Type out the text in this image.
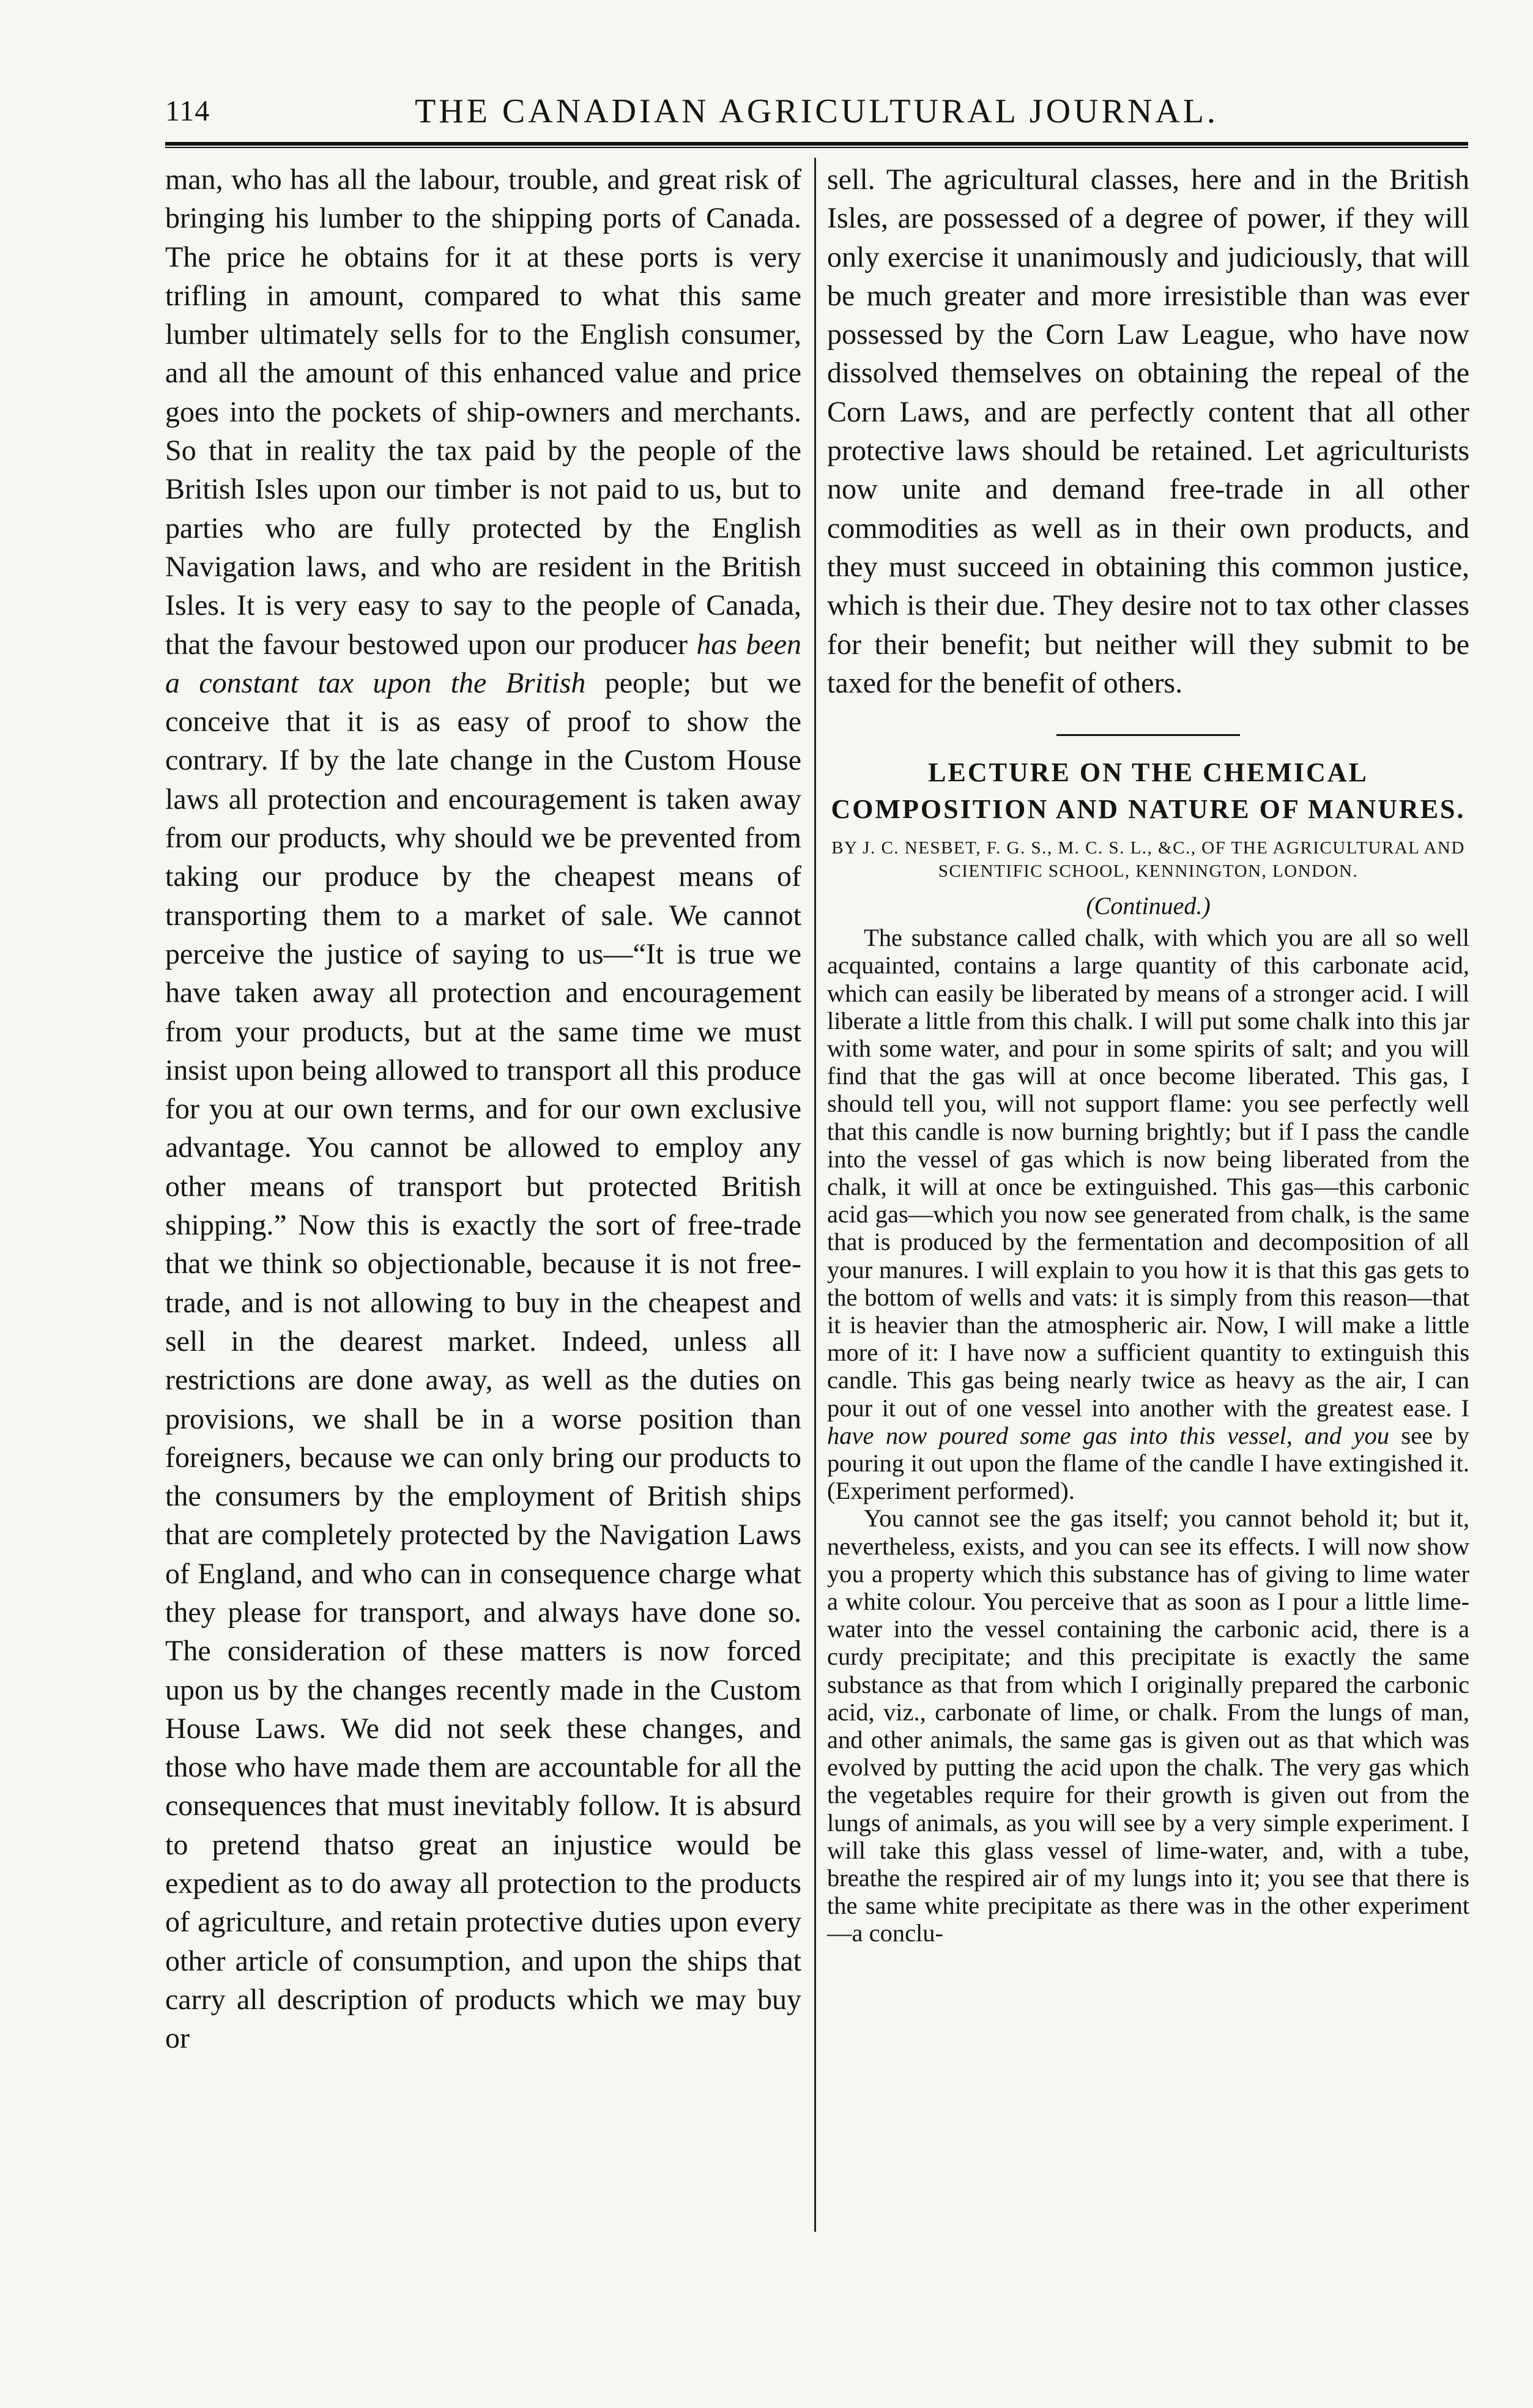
114	THE CANADIAN AGRICULTURAL JOURNAL.

man, who has all the labour, trouble, and great risk of bringing his lumber to the shipping ports of Canada. The price he obtains for it at these ports is very trifling in amount, compared to what this same lumber ultimately sells for to the English consumer, and all the amount of this enhanced value and price goes into the pockets of ship-owners and merchants. So that in reality the tax paid by the people of the British Isles upon our timber is not paid to us, but to parties who are fully protected by the English Navigation laws, and who are resident in the British Isles. It is very easy to say to the people of Canada, that the favour bestowed upon our producer has been a constant tax upon the British people; but we conceive that it is as easy of proof to show the contrary. If by the late change in the Custom House laws all protection and encouragement is taken away from our products, why should we be prevented from taking our produce by the cheapest means of transporting them to a market of sale. We cannot perceive the justice of saying to us—“It is true we have taken away all protection and encouragement from your products, but at the same time we must insist upon being allowed to transport all this produce for you at our own terms, and for our own exclusive advantage. You cannot be allowed to employ any other means of transport but protected British shipping.” Now this is exactly the sort of free-trade that we think so objectionable, because it is not free-trade, and is not allowing to buy in the cheapest and sell in the dearest market. Indeed, unless all restrictions are done away, as well as the duties on provisions, we shall be in a worse position than foreigners, because we can only bring our products to the consumers by the employment of British ships that are completely protected by the Navigation Laws of England, and who can in consequence charge what they please for transport, and always have done so. The consideration of these matters is now forced upon us by the changes recently made in the Custom House Laws. We did not seek these changes, and those who have made them are accountable for all the consequences that must inevitably follow. It is absurd to pretend thatso great an injustice would be expedient as to do away all protection to the products of agriculture, and retain protective duties upon every other article of consumption, and upon the ships that carry all description of products which we may buy or

sell. The agricultural classes, here and in the British Isles, are possessed of a degree of power, if they will only exercise it unanimously and judiciously, that will be much greater and more irresistible than was ever possessed by the Corn Law League, who have now dissolved themselves on obtaining the repeal of the Corn Laws, and are perfectly content that all other protective laws should be retained. Let agriculturists now unite and demand free-trade in all other commodities as well as in their own products, and they must succeed in obtaining this common justice, which is their due. They desire not to tax other classes for their benefit; but neither will they submit to be taxed for the benefit of others.

LECTURE ON THE CHEMICAL COMPOSITION AND NATURE OF MANURES.

BY J. C. NESBET, F. G. S., M. C. S. L., &C., OF THE AGRICULTURAL AND SCIENTIFIC SCHOOL, KENNINGTON, LONDON.

(Continued.)

The substance called chalk, with which you are all so well acquainted, contains a large quantity of this carbonate acid, which can easily be liberated by means of a stronger acid. I will liberate a little from this chalk. I will put some chalk into this jar with some water, and pour in some spirits of salt; and you will find that the gas will at once become liberated. This gas, I should tell you, will not support flame: you see perfectly well that this candle is now burning brightly; but if I pass the candle into the vessel of gas which is now being liberated from the chalk, it will at once be extinguished. This gas—this carbonic acid gas—which you now see generated from chalk, is the same that is produced by the fermentation and decomposition of all your manures. I will explain to you how it is that this gas gets to the bottom of wells and vats: it is simply from this reason—that it is heavier than the atmospheric air. Now, I will make a little more of it: I have now a sufficient quantity to extinguish this candle. This gas being nearly twice as heavy as the air, I can pour it out of one vessel into another with the greatest ease. I have now poured some gas into this vessel, and you see by pouring it out upon the flame of the candle I have extingished it. (Experiment performed).

You cannot see the gas itself; you cannot behold it; but it, nevertheless, exists, and you can see its effects. I will now show you a property which this substance has of giving to lime water a white colour. You perceive that as soon as I pour a little lime-water into the vessel containing the carbonic acid, there is a curdy precipitate; and this precipitate is exactly the same substance as that from which I originally prepared the carbonic acid, viz., carbonate of lime, or chalk. From the lungs of man, and other animals, the same gas is given out as that which was evolved by putting the acid upon the chalk. The very gas which the vegetables require for their growth is given out from the lungs of animals, as you will see by a very simple experiment. I will take this glass vessel of lime-water, and, with a tube, breathe the respired air of my lungs into it; you see that there is the same white precipitate as there was in the other experiment—a conclu-
